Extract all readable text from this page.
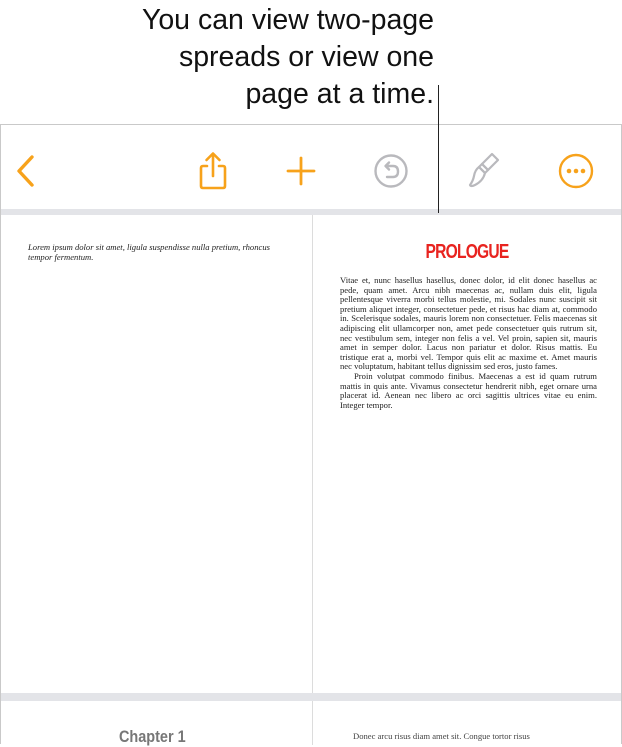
You can view two-page
spreads or view one
page at a time.
Lorem ipsum dolor sit amet, ligula suspendisse nulla pretium, rhoncus tempor fermentum.	PROLOGUE

Vitae et, nunc hasellus hasellus, donec dolor, id elit donec hasellus ac pede, quam amet. Arcu nibh maecenas ac, nullam duis elit, ligula pellentesque viverra morbi tellus molestie, mi. Sodales nunc suscipit sit pretium aliquet integer, consectetuer pede, et risus hac diam at, commodo in. Scelerisque sodales, mauris lorem non consectetuer. Felis maecenas sit adipiscing elit ullamcorper non, amet pede consectetuer quis rutrum sit, nec vestibulum sem, integer non felis a vel. Vel proin, sapien sit, mauris amet in semper dolor. Lacus non pariatur et dolor. Risus mattis. Eu tristique erat a, morbi vel. Tempor quis elit ac maxime et. Amet mauris nec voluptatum, habitant tellus dignissim sed eros, justo fames.

Proin volutpat commodo finibus. Maecenas a est id quam rutrum mattis in quis ante. Vivamus consectetur hendrerit nibh, eget ornare urna placerat id. Aenean nec libero ac orci sagittis ultrices vitae eu enim. Integer tempor.

Chapter 1	Donec arcu risus diam amet sit. Congue tortor risus
